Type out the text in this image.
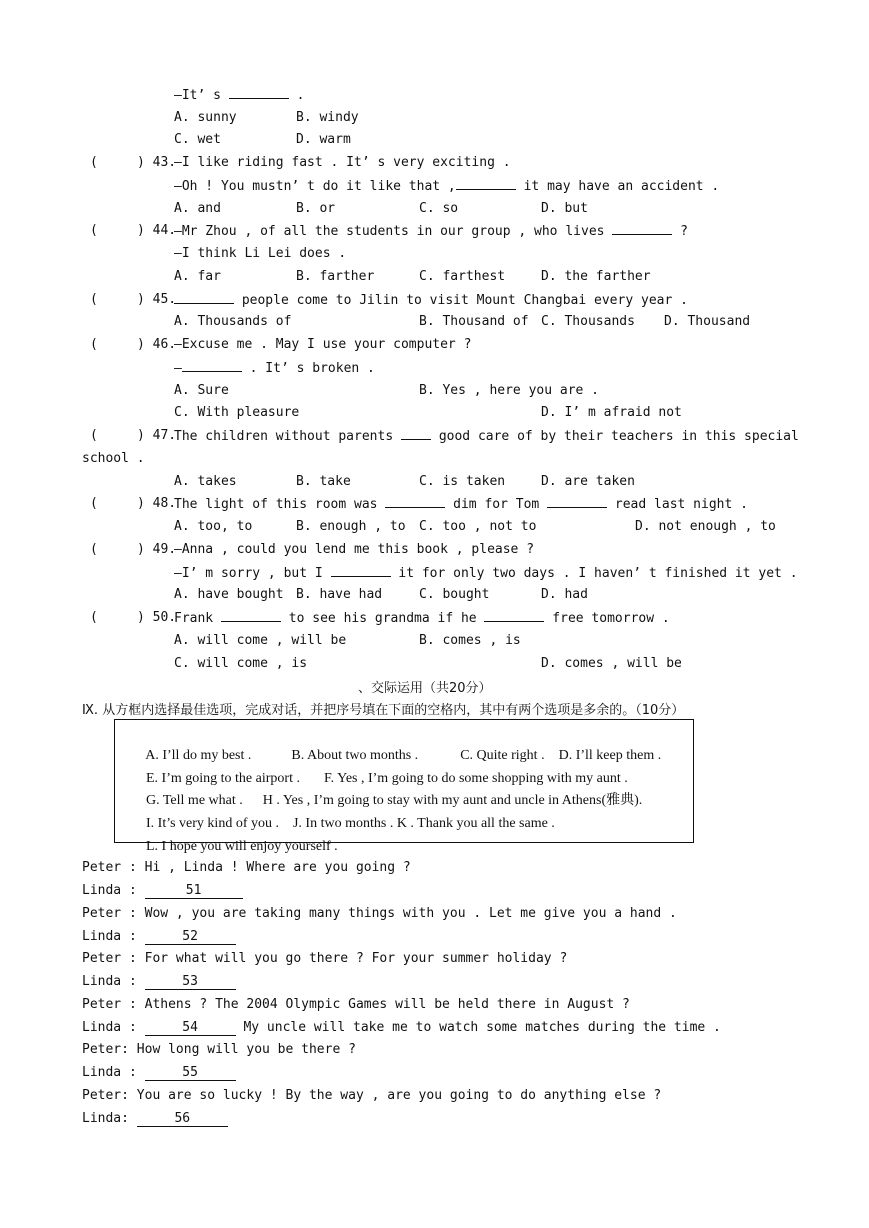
—It’ s	.
A. sunny	B. windy
C. wet	D. warm
(     ) 43.
—I like riding fast . It’ s very exciting .
—Oh ! You mustn’ t do it like that ,	it may have an accident .
A. and	B. or	C. so	D. but
(     ) 44.
—Mr Zhou , of all the students in our group , who lives	?
—I think Li Lei does .
A. far	B. farther	C. farthest	D. the farther
(     ) 45.	people come to Jilin to visit Mount Changbai every year .
A. Thousands of	B. Thousand of C. Thousands D. Thousand
(     ) 46.
—Excuse me . May I use your computer ?
—	. It’ s broken .
A. Sure	B. Yes , here you are .
C. With pleasure	D. I’ m afraid not
(     ) 47.
The children without parents	good care of by their teachers in this special
school .
A. takes	B. take	C. is taken	D. are taken
(     ) 48.
The light of this room was	dim for Tom	read last night .
A. too, to	B. enough , to C. too , not to	D. not enough , to
(     ) 49.
—Anna , could you lend me this book , please ?
—I’ m sorry , but I	it for only two days . I haven’ t finished it yet .
A. have bought B. have had	C. bought	D. had
(     ) 50.
Frank	to see his grandma if he	free tomorrow .
A. will come , will be	B. comes , is
C. will come , is	D. comes , will be
、交际运用（共20分）
Ⅸ. 从方框内选择最佳选项，完成对话，并把序号填在下面的空格内，其中有两个选项是多余的。（10分）

A. I’ll do my best .	B. About two months .	C. Quite right . D. I’ll keep them .

E. I’m going to the airport . F. Yes , I’m going to do some shopping with my aunt .

G. Tell me what . H . Yes , I’m going to stay with my aunt and uncle in Athens(雅典).

I. It’s very kind of you . J. In two months . K . Thank you all the same .

L. I hope you will enjoy yourself .

Peter : Hi , Linda ! Where are you going ?
Linda :	51
Peter : Wow , you are taking many things with you . Let me give you a hand .
Linda :	52
Peter : For what will you go there ? For your summer holiday ?
Linda :	53
Peter : Athens ? The 2004 Olympic Games will be held there in August ?
Linda :	54	My uncle will take me to watch some matches during the time .
Peter: How long will you be there ?
Linda :	55
Peter: You are so lucky ! By the way , are you going to do anything else ?
Linda:	56
